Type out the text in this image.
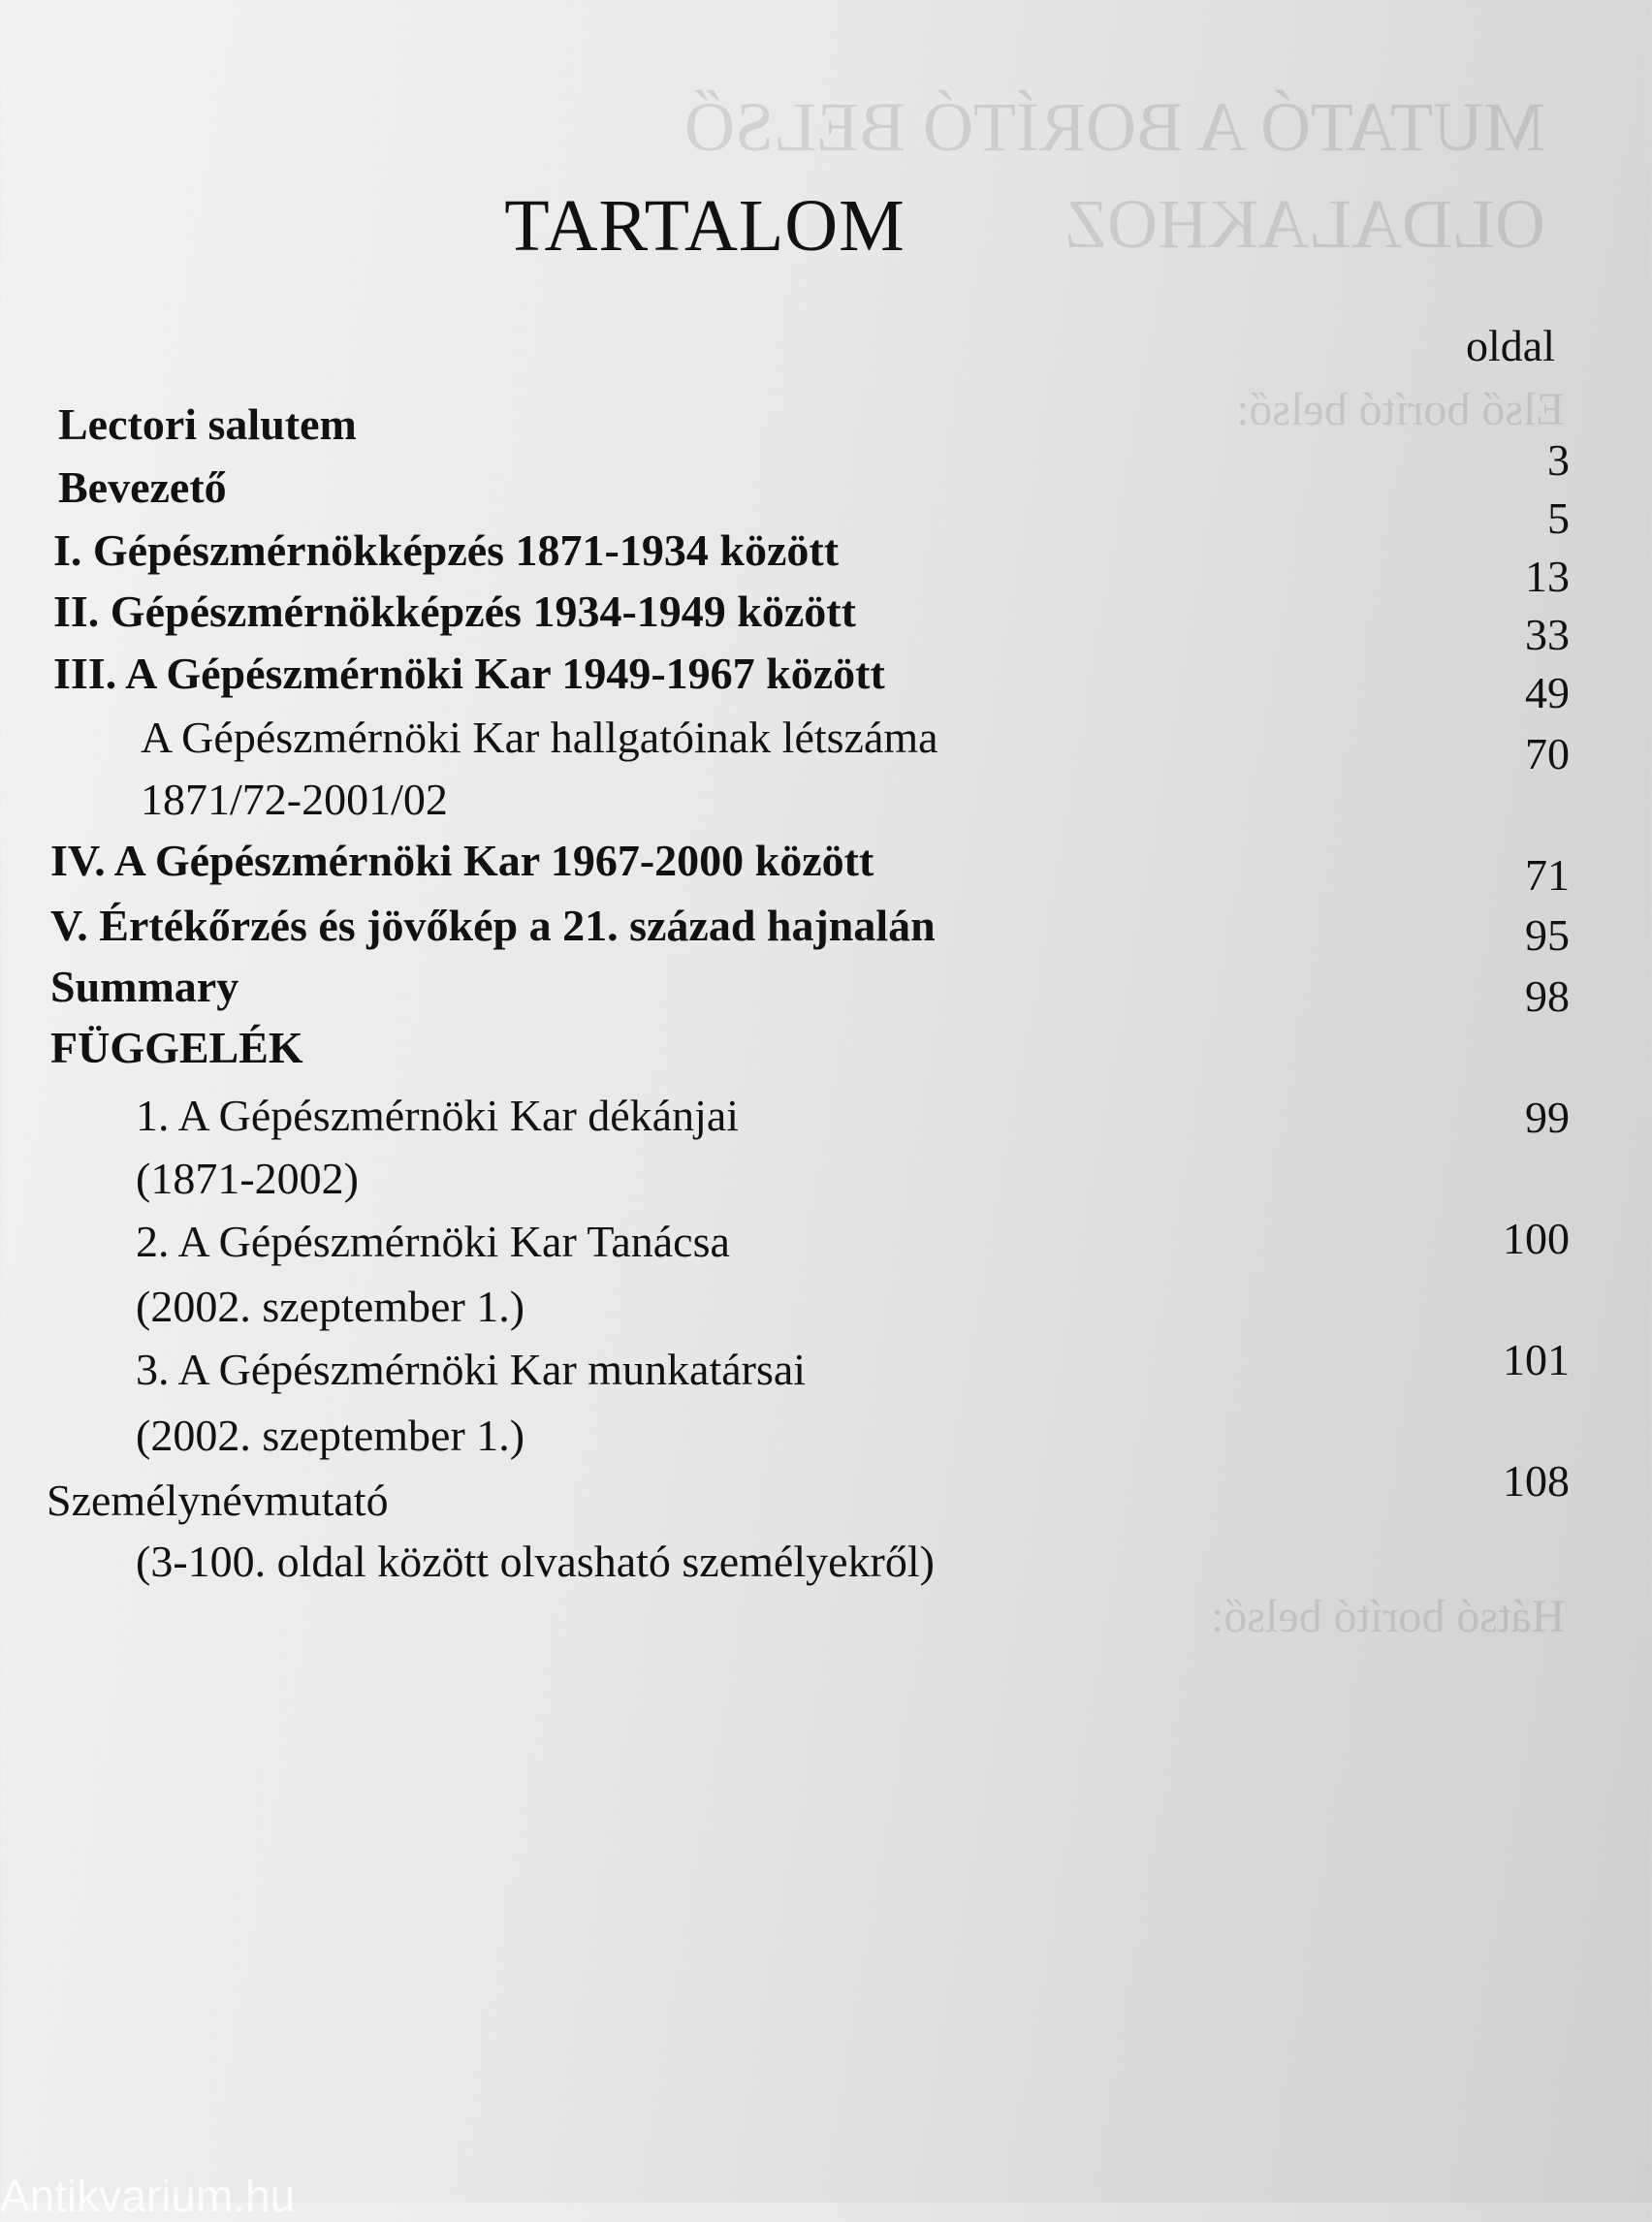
MUTATÓ A BORÍTÓ BELSŐ
OLDALAKHOZ
Első borító belső:
Hátsó borító belső:
TARTALOM
oldal
Lectori salutem
Bevezető
I. Gépészmérnökképzés 1871-1934 között
II. Gépészmérnökképzés 1934-1949 között
III. A Gépészmérnöki Kar 1949-1967 között
A Gépészmérnöki Kar hallgatóinak létszáma
1871/72-2001/02
IV. A Gépészmérnöki Kar 1967-2000 között
V. Értékőrzés és jövőkép a 21. század hajnalán
Summary
FÜGGELÉK
1. A Gépészmérnöki Kar dékánjai
(1871-2002)
2. A Gépészmérnöki Kar Tanácsa
(2002. szeptember 1.)
3. A Gépészmérnöki Kar munkatársai
(2002. szeptember 1.)
Személynévmutató
(3-100. oldal között olvasható személyekről)
3
5
13
33
49
70
71
95
98
99
100
101
108
Antikvarium.hu
